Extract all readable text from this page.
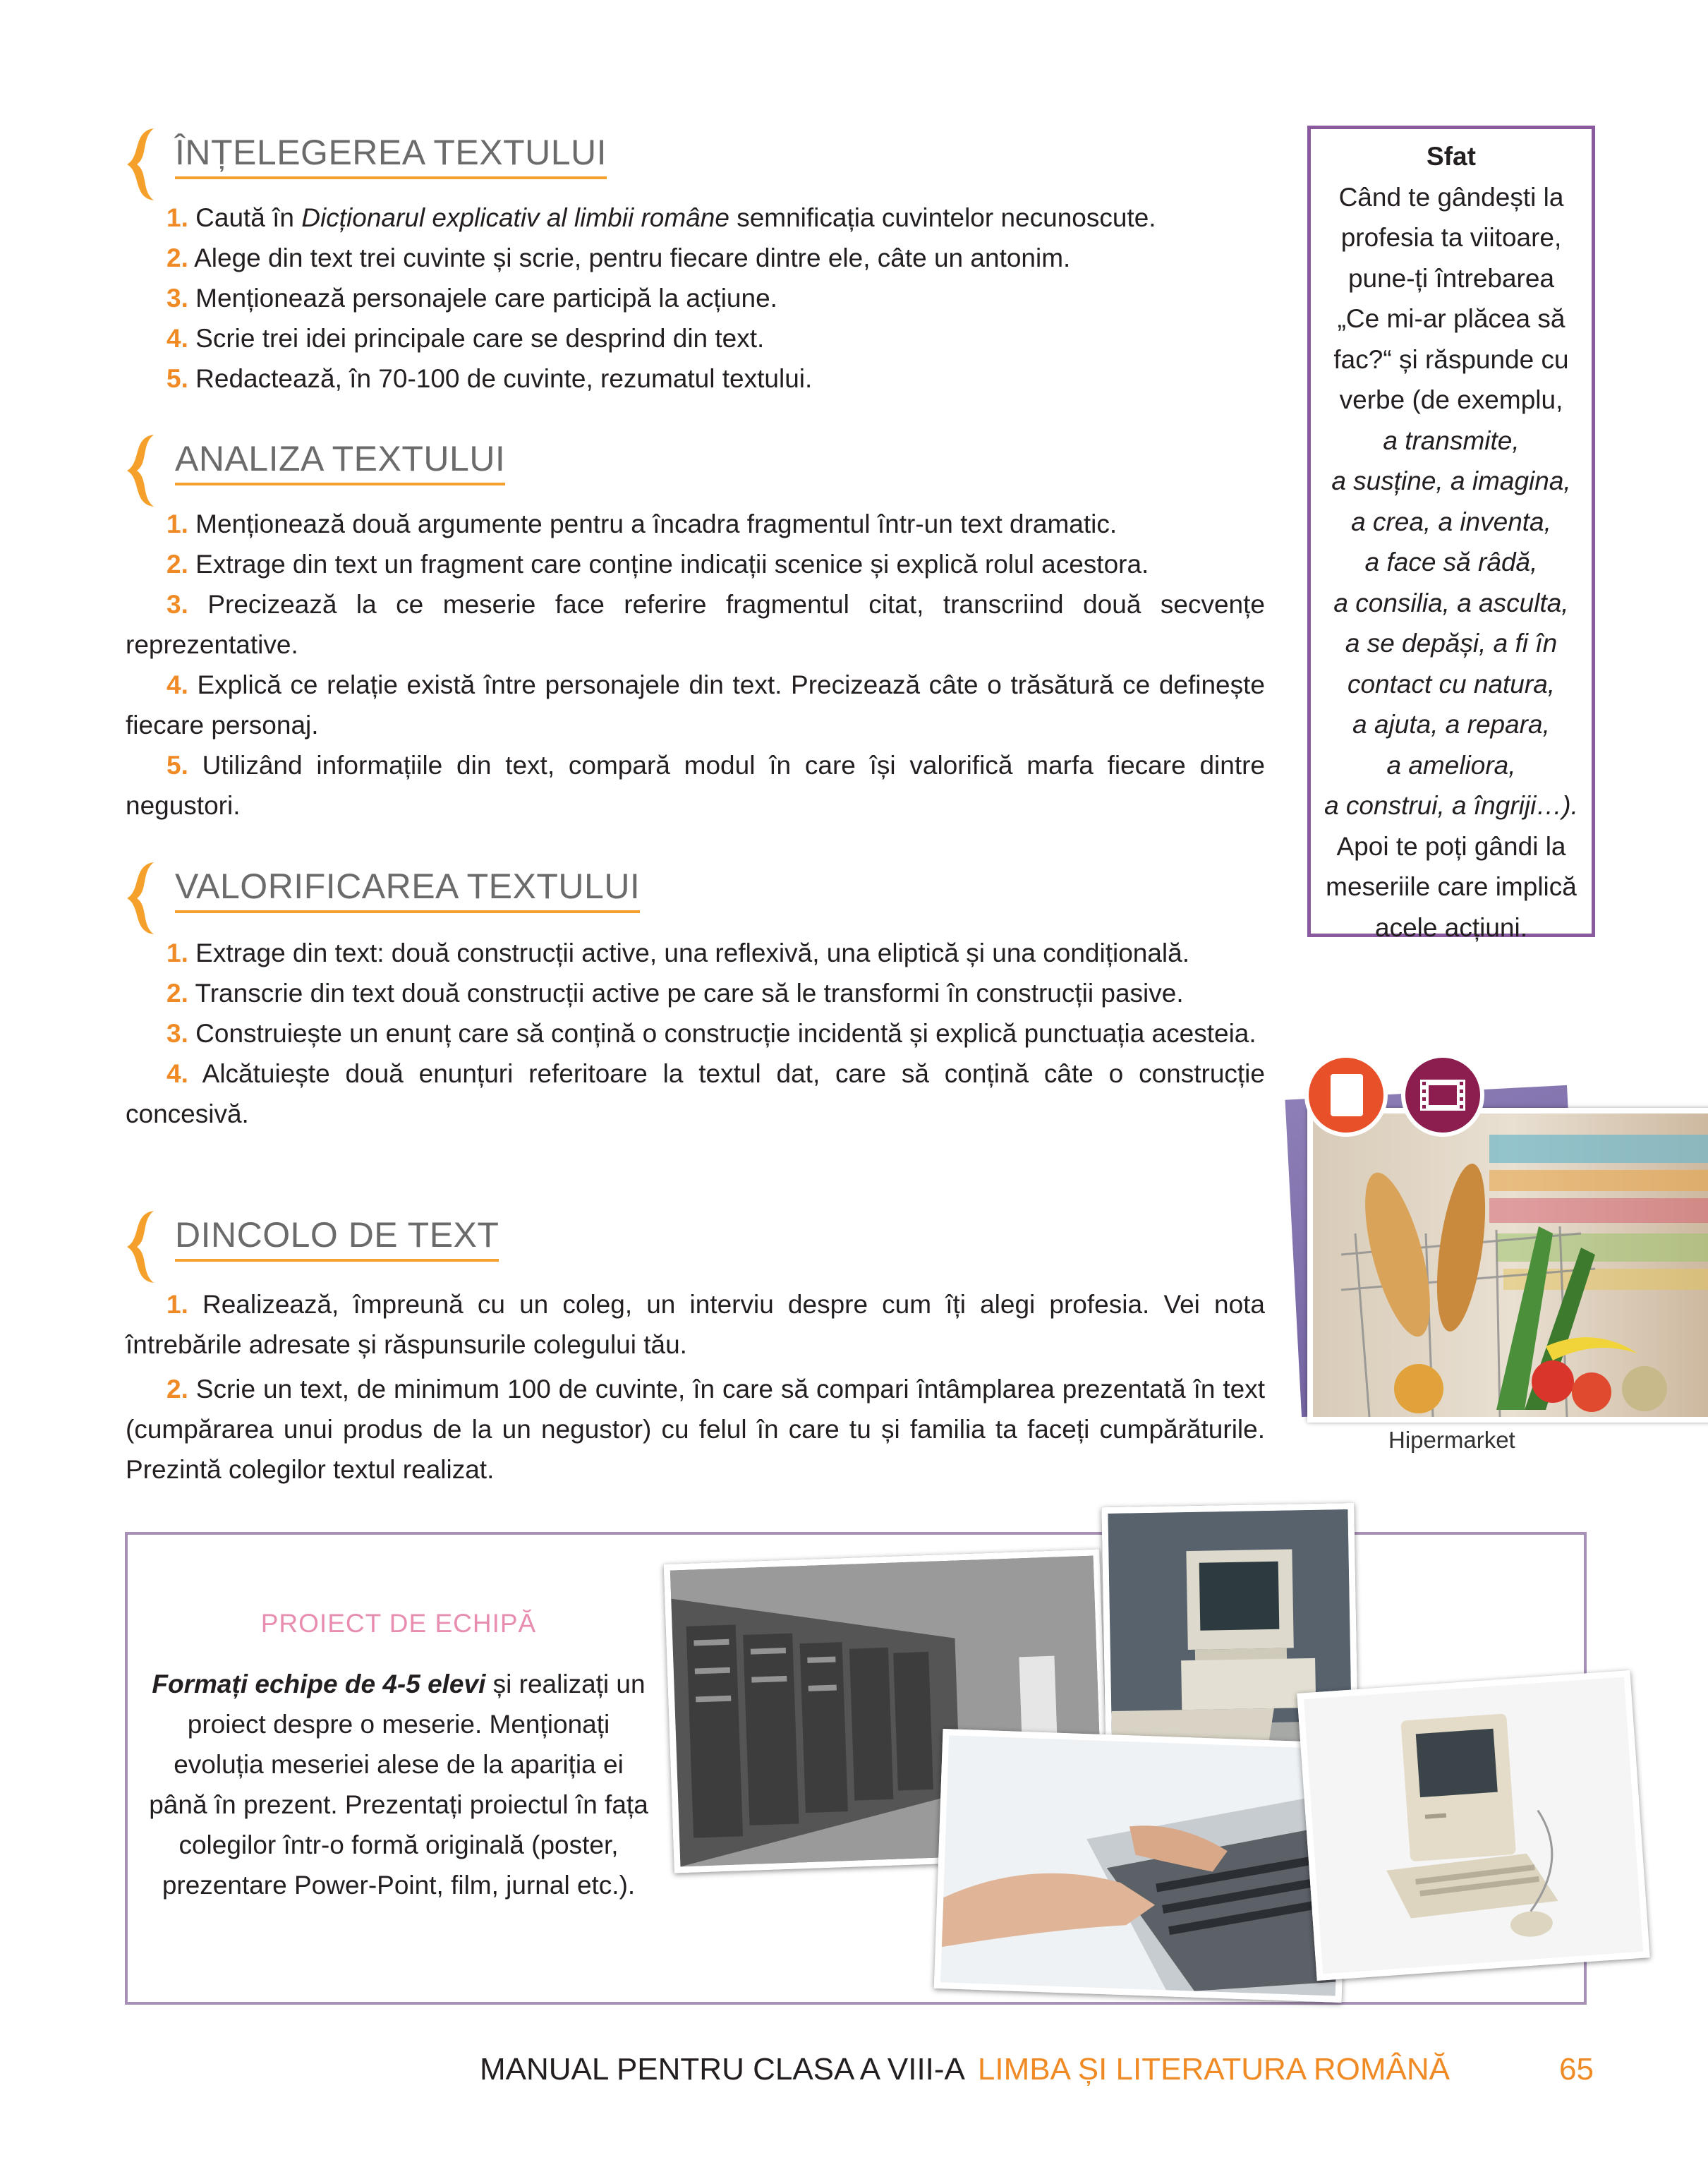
ÎNȚELEGEREA TEXTULUI

1. Caută în Dicționarul explicativ al limbii române semnificația cuvintelor necunoscute.

2. Alege din text trei cuvinte și scrie, pentru fiecare dintre ele, câte un antonim.

3. Menționează personajele care participă la acțiune.

4. Scrie trei idei principale care se desprind din text.

5. Redactează, în 70-100 de cuvinte, rezumatul textului.

ANALIZA TEXTULUI

1. Menționează două argumente pentru a încadra fragmentul într-un text dramatic.

2. Extrage din text un fragment care conține indicații scenice și explică rolul acestora.

3. Precizează la ce meserie face referire fragmentul citat, transcriind două secvențe reprezentative.

4. Explică ce relație există între personajele din text. Precizează câte o trăsătură ce definește fiecare personaj.

5. Utilizând informațiile din text, compară modul în care își valorifică marfa fiecare dintre negustori.

VALORIFICAREA TEXTULUI

1. Extrage din text: două construcții active, una reflexivă, una eliptică și una condițională.

2. Transcrie din text două construcții active pe care să le transformi în construcții pasive.

3. Construiește un enunț care să conțină o construcție incidentă și explică punctuația acesteia.

4. Alcătuiește două enunțuri referitoare la textul dat, care să conțină câte o construcție concesivă.

DINCOLO DE TEXT

1. Realizează, împreună cu un coleg, un interviu despre cum îți alegi profesia. Vei nota întrebările adresate și răspunsurile colegului tău.

2. Scrie un text, de minimum 100 de cuvinte, în care să compari întâmplarea prezentată în text (cumpărarea unui produs de la un negustor) cu felul în care tu și familia ta faceți cumpărăturile. Prezintă colegilor textul realizat.

Sfat
Când te gândești la
profesia ta viitoare,
pune-ți întrebarea
„Ce mi-ar plăcea să
fac?“ și răspunde cu
verbe (de exemplu,
a transmite,
a susține, a imagina,
a crea, a inventa,
a face să râdă,
a consilia, a asculta,
a se depăși, a fi în
contact cu natura,
a ajuta, a repara,
a ameliora,
a construi, a îngriji…).
Apoi te poți gândi la
meseriile care implică
acele acțiuni.
Hipermarket
PROIECT DE ECHIPĂ
Formați echipe de 4-5 elevi și realizați un proiect despre o meserie. Menționați evoluția meseriei alese de la apariția ei până în prezent. Prezentați proiectul în fața colegilor într-o formă originală (poster, prezentare Power-Point, film, jurnal etc.).
MANUAL PENTRU CLASA A VIII-A LIMBA ȘI LITERATURA ROMÂNĂ	65
